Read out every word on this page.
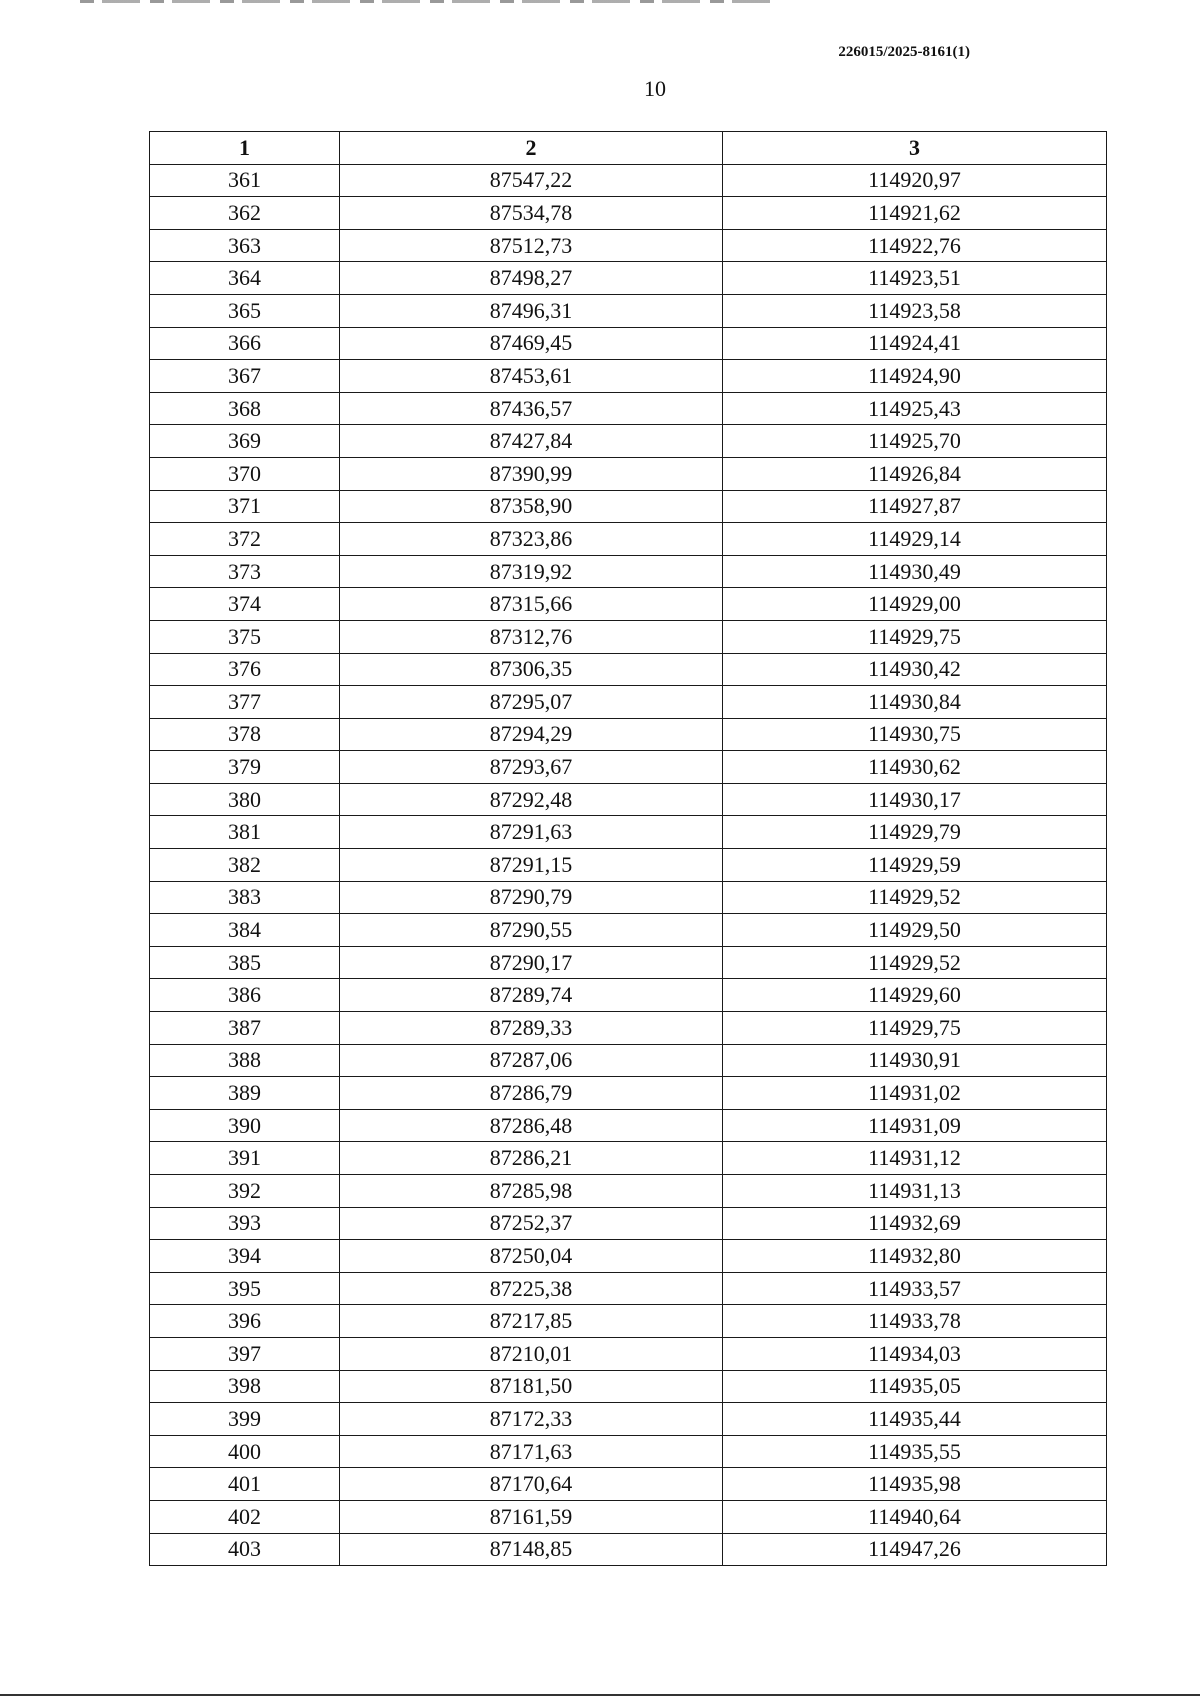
226015/2025-8161(1)
10
1	2	3
361	87547,22	114920,97
362	87534,78	114921,62
363	87512,73	114922,76
364	87498,27	114923,51
365	87496,31	114923,58
366	87469,45	114924,41
367	87453,61	114924,90
368	87436,57	114925,43
369	87427,84	114925,70
370	87390,99	114926,84
371	87358,90	114927,87
372	87323,86	114929,14
373	87319,92	114930,49
374	87315,66	114929,00
375	87312,76	114929,75
376	87306,35	114930,42
377	87295,07	114930,84
378	87294,29	114930,75
379	87293,67	114930,62
380	87292,48	114930,17
381	87291,63	114929,79
382	87291,15	114929,59
383	87290,79	114929,52
384	87290,55	114929,50
385	87290,17	114929,52
386	87289,74	114929,60
387	87289,33	114929,75
388	87287,06	114930,91
389	87286,79	114931,02
390	87286,48	114931,09
391	87286,21	114931,12
392	87285,98	114931,13
393	87252,37	114932,69
394	87250,04	114932,80
395	87225,38	114933,57
396	87217,85	114933,78
397	87210,01	114934,03
398	87181,50	114935,05
399	87172,33	114935,44
400	87171,63	114935,55
401	87170,64	114935,98
402	87161,59	114940,64
403	87148,85	114947,26
